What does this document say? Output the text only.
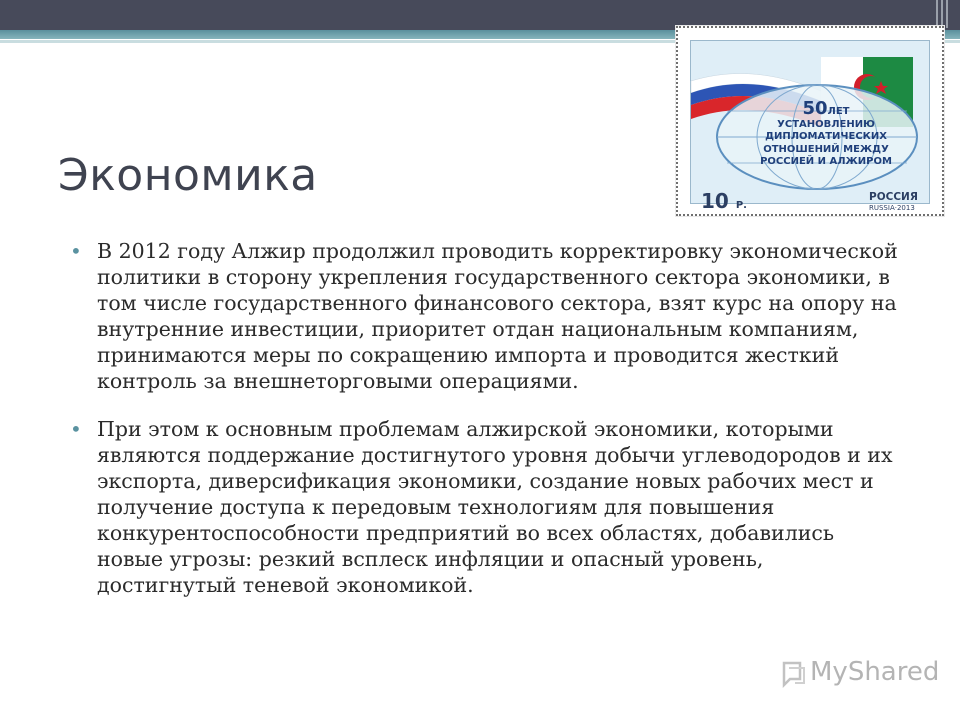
Экономика
• В 2012 году Алжир продолжил проводить корректировку экономической политики в сторону укрепления государственного сектора экономики, в том числе государственного финансового сектора, взят курс на опору на внутренние инвестиции, приоритет отдан национальным компаниям, принимаются меры по сокращению импорта и проводится жесткий контроль за внешнеторговыми операциями.
• При этом к основным проблемам алжирской экономики, которыми являются поддержание достигнутого уровня добычи углеводородов и их экспорта, диверсификация экономики, создание новых рабочих мест и получение доступа к передовым технологиям для повышения конкурентоспособности предприятий во всех областях, добавились новые угрозы: резкий всплеск инфляции и опасный уровень, достигнутый теневой экономикой.
50ЛЕТ
УСТАНОВЛЕНИЮ
ДИПЛОМАТИЧЕСКИХ
ОТНОШЕНИЙ МЕЖДУ
РОССИЕЙ И АЛЖИРОМ
10 Р.
РОССИЯ
RUSSIA·2013
MyShared
